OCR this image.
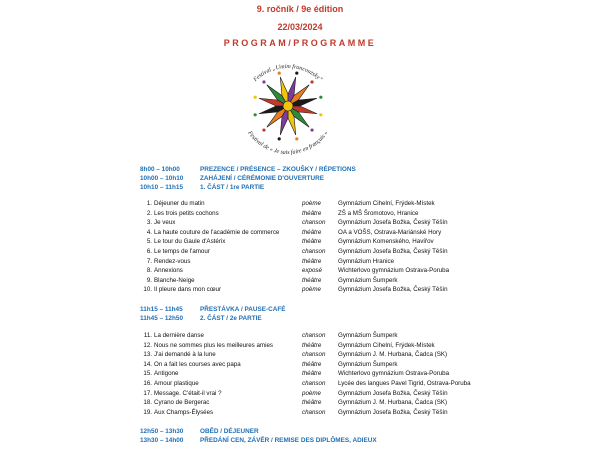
9. ročník / 9e édition
22/03/2024
PROGRAM/PROGRAMME
Festival „Umím francouzsky“
Festival de « Je sais faire en français »
8h00 – 10h00	PREZENCE / PRÉSENCE – ZKOUŠKY / RÉPETIONS
10h00 – 10h10	ZAHÁJENÍ / CÉRÉMONIE D'OUVERTURE
10h10 – 11h15	1. ČÁST / 1re PARTIE
1. Déjeuner du matin	poème	Gymnázium Cihelní, Frýdek-Místek
2. Les trois petits cochons	théâtre	ZŠ a MŠ Šromotovo, Hranice
3. Je veux	chanson Gymnázium Josefa Božka, Český Těšín
4. La haute couture de l'académie de commerce	théâtre	OA a VOŠS, Ostrava-Mariánské Hory
5. Le tour du Gaule d'Astérix	théâtre	Gymnázium Komenského, Havířov
6. Le temps de l'amour	chanson Gymnázium Josefa Božka, Český Těšín
7. Rendez-vous	théâtre	Gymnázium Hranice
8. Annexions	exposé	Wichterlovo gymnázium Ostrava-Poruba
9. Blanche-Neige	théâtre	Gymnázium Šumperk
10. Il pleure dans mon cœur	poème	Gymnázium Josefa Božka, Český Těšín
11h15 – 11h45	PŘESTÁVKA / PAUSE-CAFÉ
11h45 – 12h50	2. ČÁST / 2e PARTIE
11. La dernière danse	chanson Gymnázium Šumperk
12. Nous ne sommes plus les meilleures amies	théâtre	Gymnázium Cihelní, Frýdek-Místek
13. J'ai demandé à la lune	chanson Gymnázium J. M. Hurbana, Čadca (SK)
14. On a fait les courses avec papa	théâtre	Gymnázium Šumperk
15. Antigone	théâtre	Wichterlovo gymnázium Ostrava-Poruba
16. Amour plastique	chanson Lycée des langues Pavel Tigrid, Ostrava-Poruba
17. Message. C'était-il vrai ?	poème	Gymnázium Josefa Božka, Český Těšín
18. Cyrano de Bergerac	théâtre	Gymnázium J. M. Hurbana, Čadca (SK)
19. Aux Champs-Élysées	chanson Gymnázium Josefa Božka, Český Těšín
12h50 – 13h30	OBĚD / DÉJEUNER
13h30 – 14h00	PŘEDÁNÍ CEN, ZÁVĚR / REMISE DES DIPLÔMES, ADIEUX
